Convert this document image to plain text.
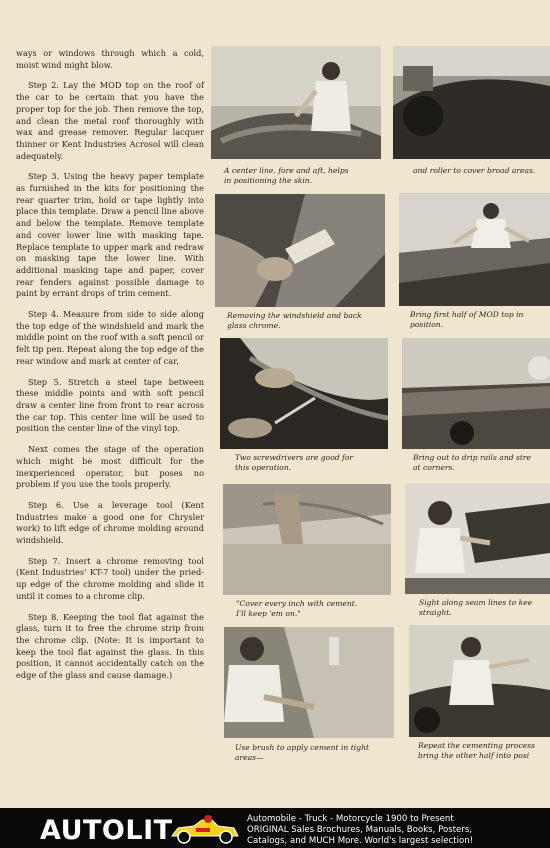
ways or windows through which a cold, moist wind might blow.

Step 2. Lay the MOD top on the roof of the car to be certain that you have the proper top for the job. Then remove the top, and clean the metal roof thoroughly with wax and grease remover. Regular lacquer thinner or Kent Industries Acrosol will clean adequately.

Step 3. Using the heavy paper template as furnished in the kits for positioning the rear quarter trim, hold or tape lightly into place this template. Draw a pencil line above and below the template. Remove template and cover lower line with masking tape. Replace template to upper mark and redraw on masking tape the lower line. With additional masking tape and paper, cover rear fenders against possible damage to paint by errant drops of trim cement.

Step 4. Measure from side to side along the top edge of the windshield and mark the middle point on the roof with a soft pencil or felt tip pen. Repeat along the top edge of the rear window and mark at center of car.

Step 5. Stretch a steel tape between these middle points and with soft pencil draw a center line from front to rear across the car top. This center line will be used to position the center line of the vinyl top.

Next comes the stage of the operation which might be most difficult for the inexperienced operator, but poses no problem if you use the tools properly.

Step 6. Use a leverage tool (Kent Industries make a good one for Chrysler work) to lift edge of chrome molding around windshield.

Step 7. Insert a chrome removing tool (Kent Industries' KT-7 tool) under the pried-up edge of the chrome molding and slide it until it comes to a chrome clip.

Step 8. Keeping the tool flat against the glass, turn it to free the chrome strip from the chrome clip. (Note: It is important to keep the tool flat against the glass. In this position, it cannot accidentally catch on the edge of the glass and cause damage.)

A center line, fore and aft, helps
in positioning the skin.
and roller to cover broad areas.
Removing the windshield and back
glass chrome.
Bring first half of MOD top in
position.
Two screwdrivers are good for
this operation.
Bring out to drip rails and stre
at corners.
"Cover every inch with cement.
I'll keep 'em on."
Sight along seam lines to kee
straight.
Use brush to apply cement in tight
areas—
Repeat the cementing process
bring the other half into posi
AUTOLIT	Automobile - Truck - Motorcycle 1900 to Present
ORIGINAL Sales Brochures, Manuals, Books, Posters,
Catalogs, and MUCH More. World's largest selection!
